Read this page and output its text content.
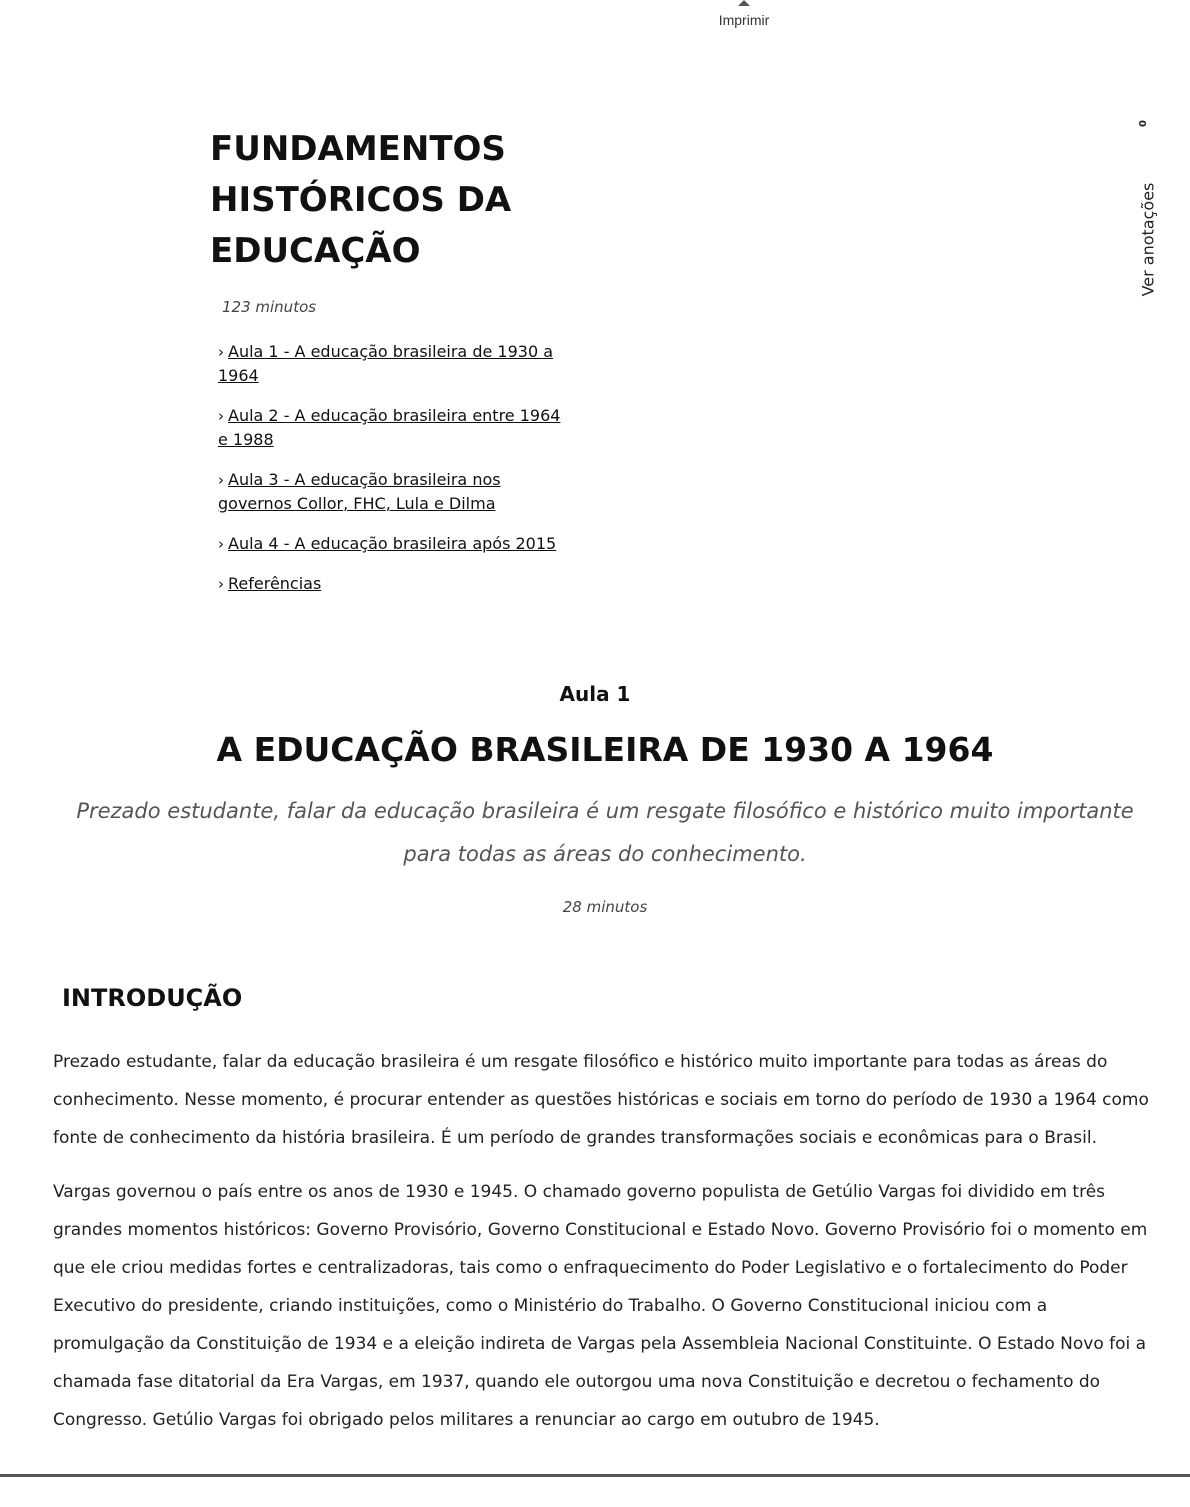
Imprimir
0
Ver anotações
FUNDAMENTOS HISTÓRICOS DA EDUCAÇÃO
123 minutos
› Aula 1 - A educação brasileira de 1930 a 1964
› Aula 2 - A educação brasileira entre 1964 e 1988
› Aula 3 - A educação brasileira nos governos Collor, FHC, Lula e Dilma
› Aula 4 - A educação brasileira após 2015
› Referências
Aula 1
A EDUCAÇÃO BRASILEIRA DE 1930 A 1964

Prezado estudante, falar da educação brasileira é um resgate filosófico e histórico muito importante para todas as áreas do conhecimento.

28 minutos
INTRODUÇÃO

Prezado estudante, falar da educação brasileira é um resgate filosófico e histórico muito importante para todas as áreas do conhecimento. Nesse momento, é procurar entender as questões históricas e sociais em torno do período de 1930 a 1964 como fonte de conhecimento da história brasileira. É um período de grandes transformações sociais e econômicas para o Brasil.

Vargas governou o país entre os anos de 1930 e 1945. O chamado governo populista de Getúlio Vargas foi dividido em três grandes momentos históricos: Governo Provisório, Governo Constitucional e Estado Novo. Governo Provisório foi o momento em que ele criou medidas fortes e centralizadoras, tais como o enfraquecimento do Poder Legislativo e o fortalecimento do Poder Executivo do presidente, criando instituições, como o Ministério do Trabalho. O Governo Constitucional iniciou com a promulgação da Constituição de 1934 e a eleição indireta de Vargas pela Assembleia Nacional Constituinte. O Estado Novo foi a chamada fase ditatorial da Era Vargas, em 1937, quando ele outorgou uma nova Constituição e decretou o fechamento do Congresso. Getúlio Vargas foi obrigado pelos militares a renunciar ao cargo em outubro de 1945.
